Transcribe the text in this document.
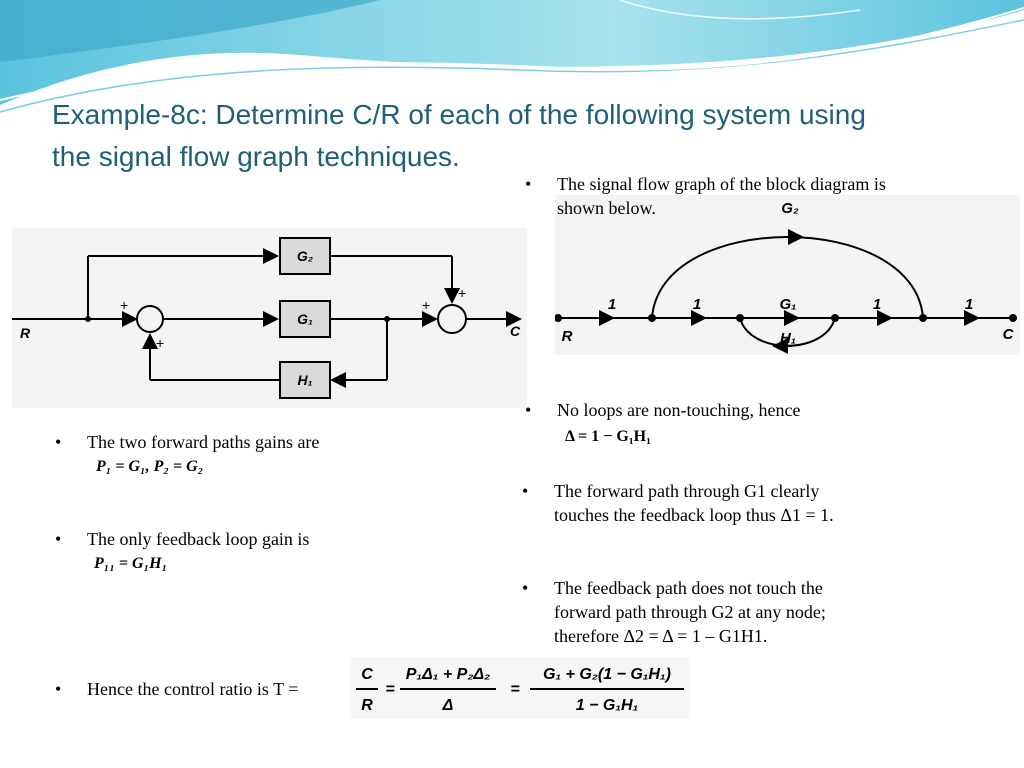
Example-8c: Determine C/R of each of the following system using
the signal flow graph techniques.
G₂
G₁
H₁
R	C
+
+
+
+
1	1	G₁	1	1
G₂
H₁
R	C
• The signal flow graph of the block diagram is
shown below.
• No loops are non-touching, hence
Δ = 1 − G₁H₁
• The forward path through G1 clearly
touches the feedback loop thus Δ1 = 1.
• The feedback path does not touch the
forward path through G2 at any node;
therefore Δ2 = Δ = 1 – G1H1.
• The two forward paths gains are
P₁ = G₁, P₂ = G₂
• The only feedback loop gain is
P₁₁ = G₁H₁
• Hence the control ratio is T =
C
R
=
P₁Δ₁ + P₂Δ₂
Δ
=
G₁ + G₂(1 − G₁H₁)
1 − G₁H₁
